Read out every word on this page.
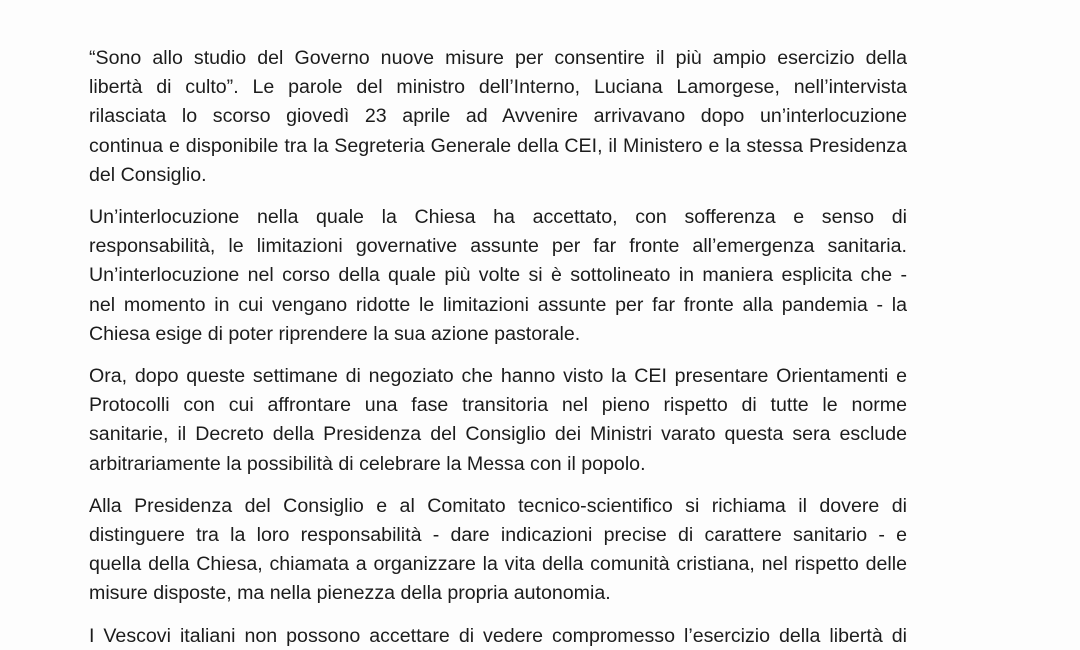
“Sono allo studio del Governo nuove misure per consentire il più ampio esercizio della
libertà di culto”. Le parole del ministro dell’Interno, Luciana Lamorgese, nell’intervista
rilasciata lo scorso giovedì 23 aprile ad Avvenire arrivavano dopo un’interlocuzione
continua e disponibile tra la Segreteria Generale della CEI, il Ministero e la stessa Presidenza
del Consiglio.

Un’interlocuzione nella quale la Chiesa ha accettato, con sofferenza e senso di
responsabilità, le limitazioni governative assunte per far fronte all’emergenza sanitaria.
Un’interlocuzione nel corso della quale più volte si è sottolineato in maniera esplicita che -
nel momento in cui vengano ridotte le limitazioni assunte per far fronte alla pandemia - la
Chiesa esige di poter riprendere la sua azione pastorale.

Ora, dopo queste settimane di negoziato che hanno visto la CEI presentare Orientamenti e
Protocolli con cui affrontare una fase transitoria nel pieno rispetto di tutte le norme
sanitarie, il Decreto della Presidenza del Consiglio dei Ministri varato questa sera esclude
arbitrariamente la possibilità di celebrare la Messa con il popolo.

Alla Presidenza del Consiglio e al Comitato tecnico-scientifico si richiama il dovere di
distinguere tra la loro responsabilità - dare indicazioni precise di carattere sanitario - e
quella della Chiesa, chiamata a organizzare la vita della comunità cristiana, nel rispetto delle
misure disposte, ma nella pienezza della propria autonomia.

I Vescovi italiani non possono accettare di vedere compromesso l’esercizio della libertà di
